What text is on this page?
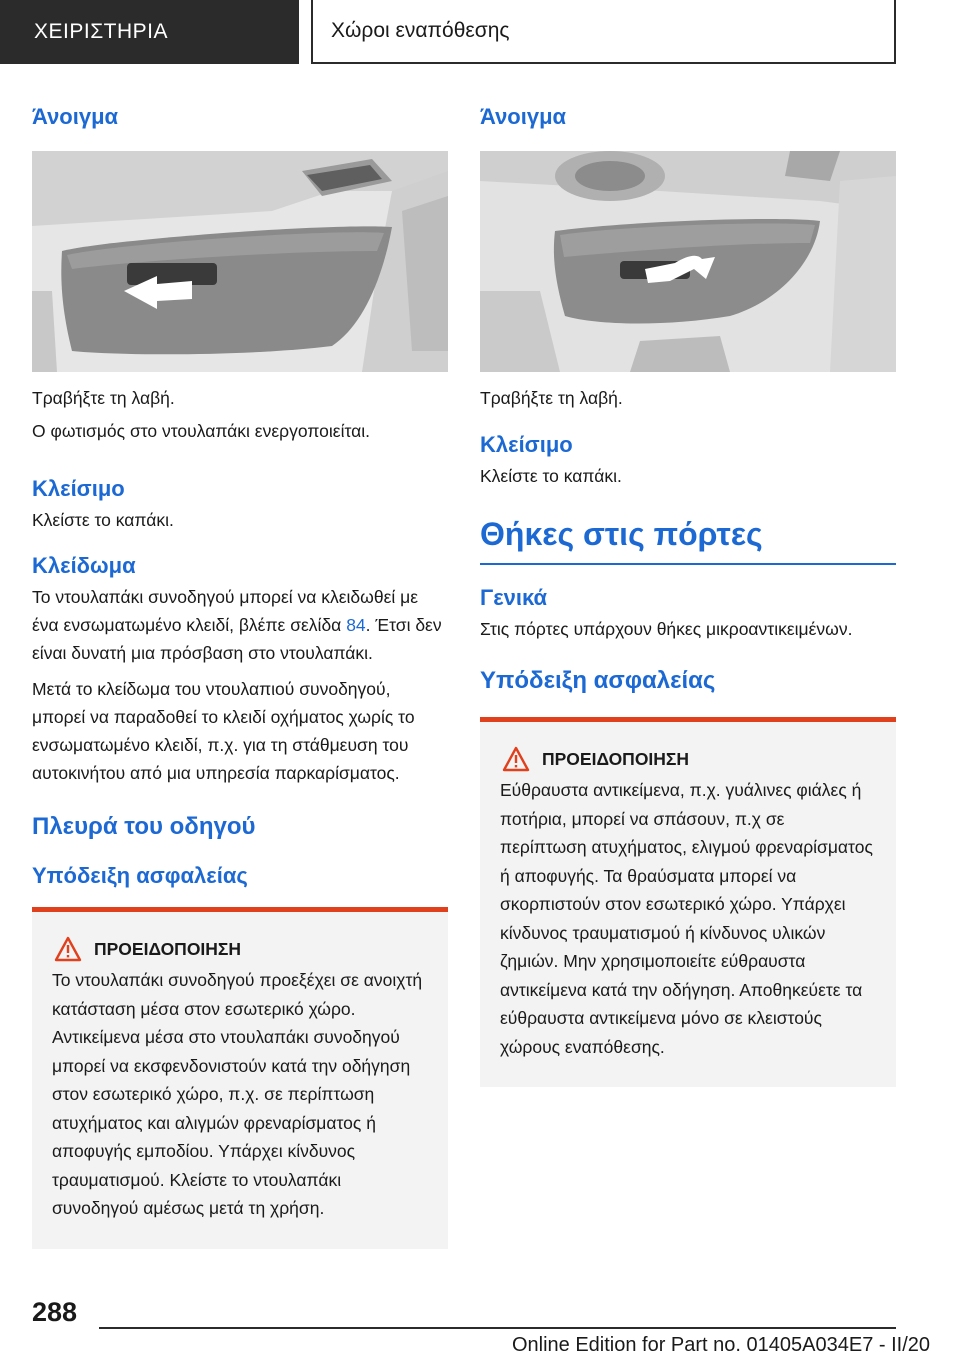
ΧΕΙΡΙΣΤΗΡΙΑ	Χώροι εναπόθεσης
Άνοιγμα

Τραβήξτε τη λαβή.

Ο φωτισμός στο ντουλαπάκι ενεργοποιείται.

Κλείσιμο

Κλείστε το καπάκι.

Κλείδωμα

Το ντουλαπάκι συνοδηγού μπορεί να κλειδωθεί με ένα ενσωματωμένο κλειδί, βλέπε σελίδα 84. Έτσι δεν είναι δυνατή μια πρόσβαση στο ντουλαπάκι.

Μετά το κλείδωμα του ντουλαπιού συνοδηγού, μπορεί να παραδοθεί το κλειδί οχήματος χωρίς το ενσωματωμένο κλειδί, π.χ. για τη στάθμευση του αυτοκινήτου από μια υπηρεσία παρκαρίσματος.

Πλευρά του οδηγού
Υπόδειξη ασφαλείας
ΠΡΟΕΙΔΟΠΟΙΗΣΗ

Το ντουλαπάκι συνοδηγού προεξέχει σε ανοιχτή κατάσταση μέσα στον εσωτερικό χώρο. Αντικείμενα μέσα στο ντουλαπάκι συνοδηγού μπορεί να εκσφενδονιστούν κατά την οδήγηση στον εσωτερικό χώρο, π.χ. σε περίπτωση ατυχήματος και αλιγμών φρεναρίσματος ή αποφυγής εμποδίου. Υπάρχει κίνδυνος τραυματισμού. Κλείστε το ντουλαπάκι συνοδηγού αμέσως μετά τη χρήση.

Άνοιγμα

Τραβήξτε τη λαβή.

Κλείσιμο

Κλείστε το καπάκι.

Θήκες στις πόρτες
Γενικά

Στις πόρτες υπάρχουν θήκες μικροαντικειμένων.

Υπόδειξη ασφαλείας
ΠΡΟΕΙΔΟΠΟΙΗΣΗ

Εύθραυστα αντικείμενα, π.χ. γυάλινες φιάλες ή ποτήρια, μπορεί να σπάσουν, π.χ σε περίπτωση ατυχήματος, ελιγμού φρεναρίσματος ή αποφυγής. Τα θραύσματα μπορεί να σκορπιστούν στον εσωτερικό χώρο. Υπάρχει κίνδυνος τραυματισμού ή κίνδυνος υλικών ζημιών. Μην χρησιμοποιείτε εύθραυστα αντικείμενα κατά την οδήγηση. Αποθηκεύετε τα εύθραυστα αντικείμενα μόνο σε κλειστούς χώρους εναπόθεσης.

288
Online Edition for Part no. 01405A034E7 - II/20
